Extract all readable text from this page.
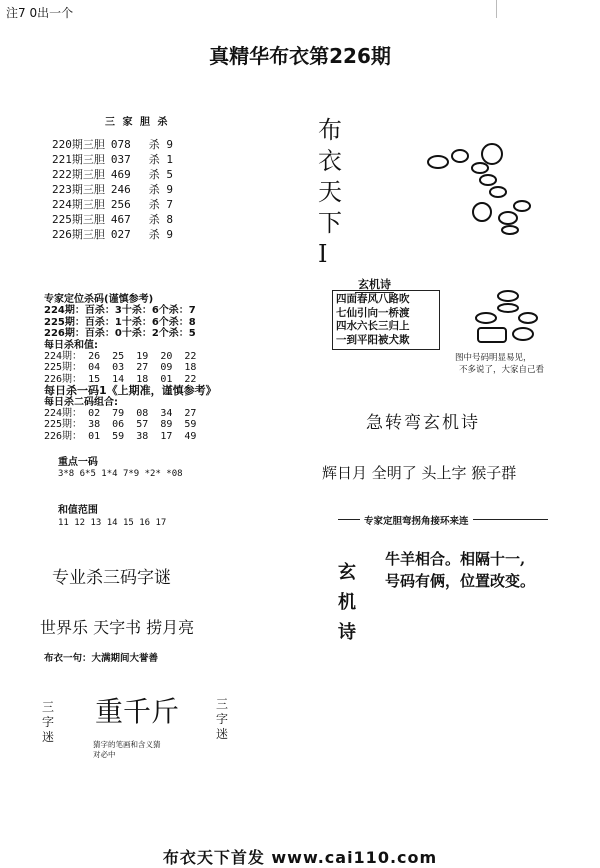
注7 0出一个
真精华布衣第226期
三 家 胆 杀
220期三胆 078 杀 9
221期三胆 037 杀 1
222期三胆 469 杀 5
223期三胆 246 杀 9
224期三胆 256 杀 7
225期三胆 467 杀 8
226期三胆 027 杀 9
专家定位杀码(谨慎参考)
224期：百杀：3十杀：6个杀：7
225期：百杀：1十杀：6个杀：8
226期：百杀：0十杀：2个杀：5
每日杀和值:
224期： 26  25  19  20  22
225期： 04  03  27  09  18
226期： 15  14  18  01  22
每日杀一码1《上期准，谨慎参考》
每日杀二码组合:
224期： 02  79  08  34  27
225期： 38  06  57  89  59
226期： 01  59  38  17  49

重点一码
3*8 6*5 1*4 7*9 *2* *08

和值范围
11 12 13 14 15 16 17

布
衣
天
下
I
玄机诗
四面春风八路吹
七仙引向一桥渡
四水六长三归上
一到平阳被犬欺
图中号码明显易见，
不多说了，大家自己看
急转弯玄机诗
辉日月 全明了 头上字 猴子群
专家定胆弯拐角接环来连
玄
机
诗
牛羊相合。相隔十一,
号码有俩，位置改变。
专业杀三码字谜
世界乐 天字书 捞月亮
布衣一句：大满期间大誉善
三
字
迷
重千斤
猜字的笔画和含义猜
对必中
三
字
迷
布衣天下首发 www.cai110.com
